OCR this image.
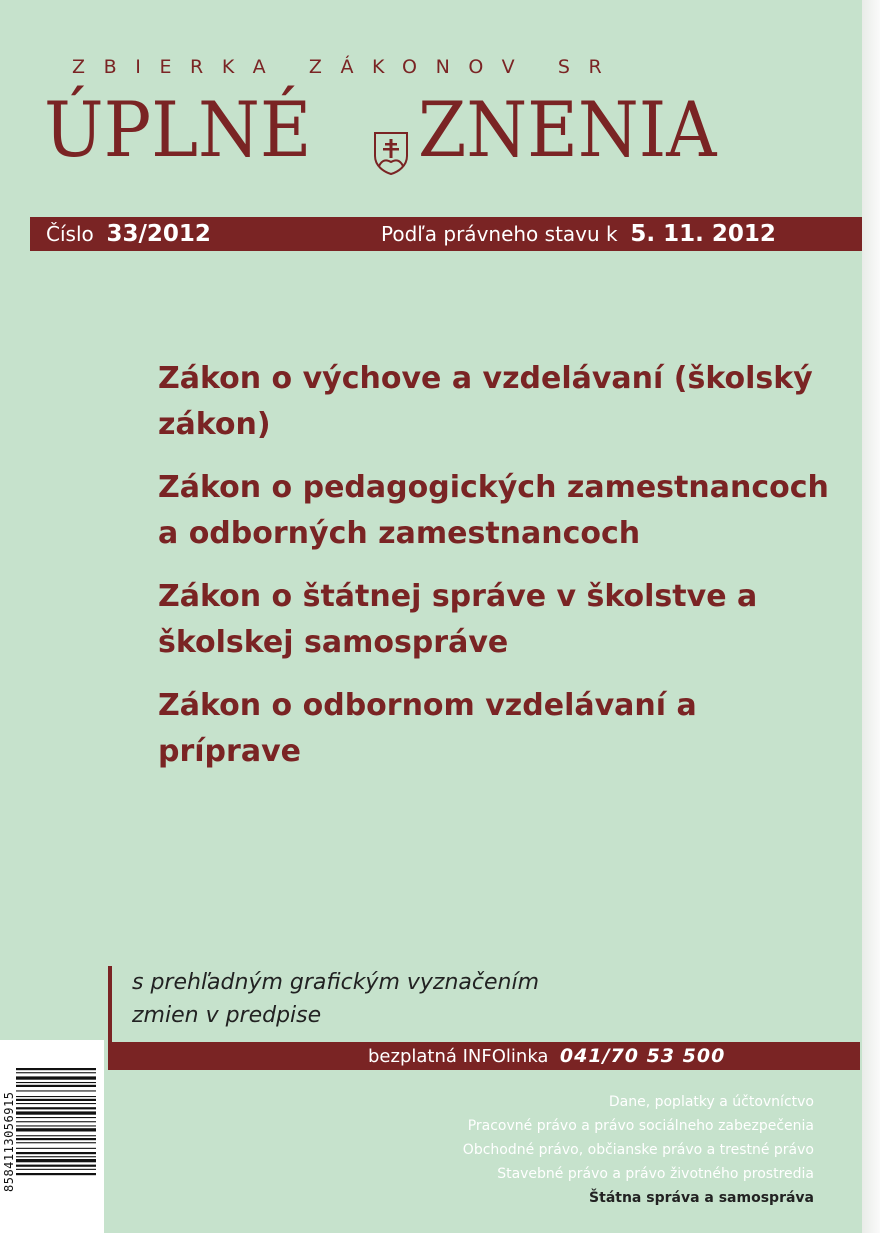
ZBIERKA ZÁKONOV SR
ÚPLNÉ ZNENIA
Číslo 33/2012	Podľa právneho stavu k 5. 11. 2012
Zákon o výchove a vzdelávaní (školský zákon)
Zákon o pedagogických zamestnancoch a odborných zamestnancoch
Zákon o štátnej správe v školstve a školskej samospráve
Zákon o odbornom vzdelávaní a príprave
s prehľadným grafickým vyznačením
zmien v predpise
bezplatná INFOlinka 041/70 53 500
Dane, poplatky a účtovníctvo
Pracovné právo a právo sociálneho zabezpečenia
Obchodné právo, občianske právo a trestné právo
Stavebné právo a právo životného prostredia
Štátna správa a samospráva
8584113056915
